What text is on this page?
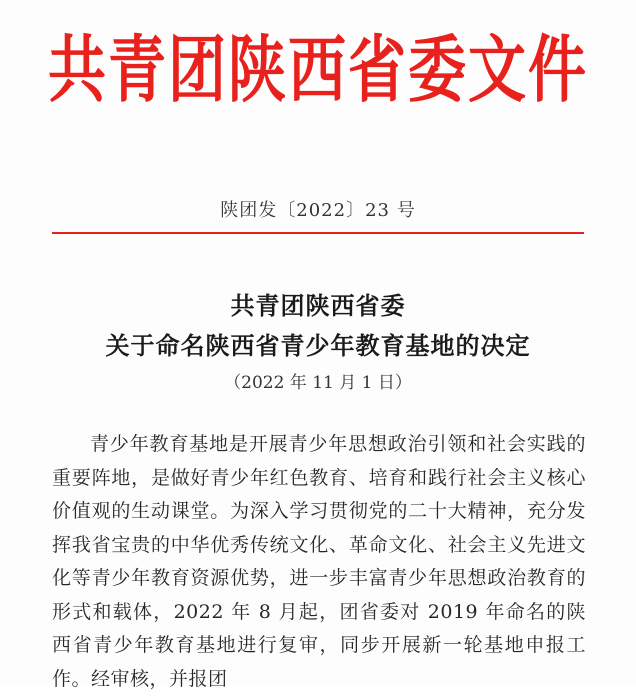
共青团陕西省委文件
陕团发〔2022〕23 号
共青团陕西省委
关于命名陕西省青少年教育基地的决定
（2022 年 11 月 1 日）
青少年教育基地是开展青少年思想政治引领和社会实践的重要阵地，是做好青少年红色教育、培育和践行社会主义核心价值观的生动课堂。为深入学习贯彻党的二十大精神，充分发挥我省宝贵的中华优秀传统文化、革命文化、社会主义先进文化等青少年教育资源优势，进一步丰富青少年思想政治教育的形式和载体，2022 年 8 月起，团省委对 2019 年命名的陕西省青少年教育基地进行复审，同步开展新一轮基地申报工作。经审核，并报团
